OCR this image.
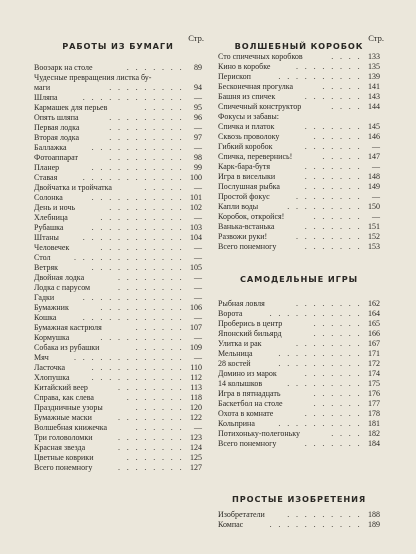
Стр.
РАБОТЫ ИЗ БУМАГИ
Вооэарк на столе	. . . . . . . 89
Чудесные превращения листка бу-
маги	. . . . . . . . . 94
Шляпа	. . . . . . . . . . . . —
Кармашек для перьев	. . . . . 95
Опять шляпа	. . . . . . . . . 96
Первая лодка	. . . . . . . . . —
Вторая лодка	. . . . . . . . . 97
Баллажка	. . . . . . . . . . . —
Фотоаппарат	. . . . . . . . . 98
Планер	. . . . . . . . . . . 99
Ставая	. . . . . . . . . . . . 100
Двойчатка и тройчатка	. . . . . —
Солонка	. . . . . . . . . . . 101
День и ночь	. . . . . . . . . 102
Хлебница	. . . . . . . . . . —
Рубашка	. . . . . . . . . . . 103
Штаны	. . . . . . . . . . . . 104
Человечек	. . . . . . . . . . —
Стол	. . . . . . . . . . . . . —
Ветряк	. . . . . . . . . . . 105
Двойная лодка	. . . . . . . . —
Лодка с парусом	. . . . . . . . —
Гадки	. . . . . . . . . . . . —
Бумажник	. . . . . . . . . . 106
Кошка	. . . . . . . . . . . . —
Бумажная кастрюля	. . . . . . 107
Кормушка	. . . . . . . . . . —
Собака из рубашки	. . . . . . 109
Мяч	. . . . . . . . . . . . . —
Ласточка	. . . . . . . . . . . 110
Хлопушка	. . . . . . . . . . . 112
Китайский веер	. . . . . . . . 113
Справа, как слева	. . . . . . . 118
Праздничные узоры	. . . . . . 120
Бумажные маски	. . . . . . . . 122
Волшебная книжечка	. . . . . . —
Три головоломки	. . . . . . . . 123
Красная звезда	. . . . . . . . 124
Цветные коврики	. . . . . . . 125
Всего понемногу	. . . . . . . . 127
Стр.
ВОЛШЕБНЫЙ КОРОБОК
Сто спичечных коробков	. . . . 133
Кино в коробке	. . . . . . . . 135
Перископ	. . . . . . . . . . 139
Бесконечная прогулка	. . . . . 141
Башня из спичек	. . . . . . . 143
Спичечный конструктор	. . . . 144
Фокусы и забавы:
Спичка и платок	. . . . . . . 145
Сквозь проволоку	. . . . . . 146
Гибкий коробок	. . . . . . . —
Спичка, перевернись!	. . . . . 147
Карк-бара-бутя	. . . . . . . —
Игра в виселыки	. . . . . . . 148
Послушная рыбка	. . . . . . . 149
Простой фокус	. . . . . . . . —
Капли воды	. . . . . . . . . 150
Коробок, откройся!	. . . . . . —
Ванька-встанька	. . . . . . . 151
Развожи руки!	. . . . . . . . 152
Всего понемногу	. . . . . . . 153
САМОДЕЛЬНЫЕ ИГРЫ
Рыбная ловля	. . . . . . . . 162
Ворота	. . . . . . . . . . . 164
Проберись в центр	. . . . . . 165
Японский бильярд	. . . . . . 166
Улитка и рак	. . . . . . . . 167
Мельница	. . . . . . . . . . 171
28 костей	. . . . . . . . . . 172
Домино из марок	. . . . . . . 174
14 колышков	. . . . . . . . . 175
Игра в пятнадцать	. . . . . . 176
Баскетбол на столе	. . . . . . 177
Охота в комнате	. . . . . . . 178
Кольприна	. . . . . . . . . . 181
Потихоньку-полегоньку	. . . . 182
Всего понемногу	. . . . . . . 184
ПРОСТЫЕ ИЗОБРЕТЕНИЯ
Изобретатели	. . . . . . . . . 188
Компас	. . . . . . . . . . . 189
